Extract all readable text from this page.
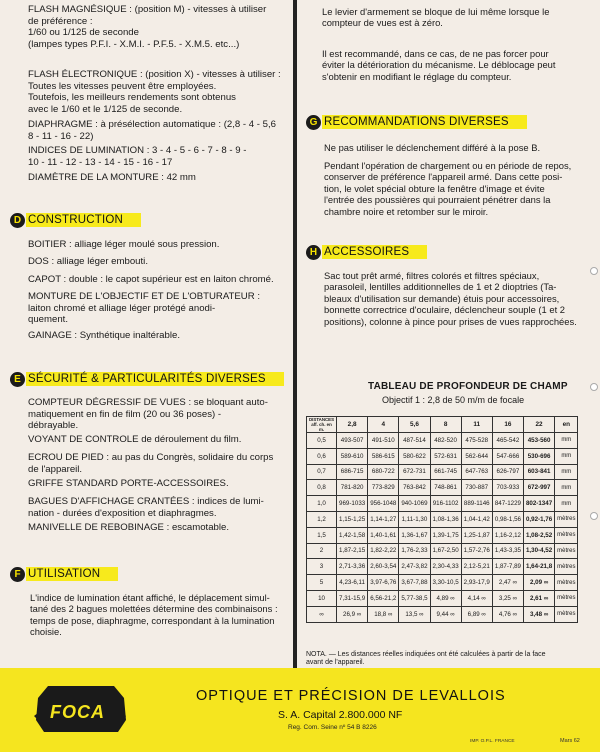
FLASH MAGNÉSIQUE : (position M) - vitesses à utiliser
de préférence :
1/60 ou 1/125 de seconde
(lampes types P.F.I. - X.M.I. - P.F.5. - X.M.5. etc...)
FLASH ÉLECTRONIQUE : (position X) - vitesses à utiliser :
Toutes les vitesses peuvent être employées.
Toutefois, les meilleurs rendements sont obtenus
avec le 1/60 et le 1/125 de seconde.
DIAPHRAGME : à présélection automatique : (2,8 - 4 - 5,6
8 - 11 - 16 - 22)
INDICES DE LUMINATION : 3 - 4 - 5 - 6 - 7 - 8 - 9 -
10 - 11 - 12 - 13 - 14 - 15 - 16 - 17
DIAMÈTRE DE LA MONTURE : 42 mm
D CONSTRUCTION
BOITIER : alliage léger moulé sous pression.
DOS : alliage léger embouti.
CAPOT : double : le capot supérieur est en laiton chromé.
MONTURE DE L'OBJECTIF ET DE L'OBTURATEUR :
laiton chromé et alliage léger protégé anodi-
quement.
GAINAGE : Synthétique inaltérable.
E SÉCURITÉ & PARTICULARITÉS DIVERSES
COMPTEUR DÉGRESSIF DE VUES : se bloquant auto-
matiquement en fin de film (20 ou 36 poses) -
débrayable.
VOYANT DE CONTROLE de déroulement du film.
ECROU DE PIED : au pas du Congrès, solidaire du corps
de l'appareil.
GRIFFE STANDARD PORTE-ACCESSOIRES.
BAGUES D'AFFICHAGE CRANTÉES : indices de lumi-
nation - durées d'exposition et diaphragmes.
MANIVELLE DE REBOBINAGE : escamotable.
F UTILISATION
L'indice de lumination étant affiché, le déplacement simul-
tané des 2 bagues molettées détermine des combinaisons :
temps de pose, diaphragme, correspondant à la lumination
choisie.
Le levier d'armement se bloque de lui même lorsque le
compteur de vues est à zéro.
Il est recommandé, dans ce cas, de ne pas forcer pour
éviter la détérioration du mécanisme. Le déblocage peut
s'obtenir en modifiant le réglage du compteur.
G RECOMMANDATIONS DIVERSES
Ne pas utiliser le déclenchement différé à la pose B.
Pendant l'opération de chargement ou en période de repos,
conserver de préférence l'appareil armé. Dans cette posi-
tion, le volet spécial obture la fenêtre d'image et évite
l'entrée des poussières qui pourraient pénétrer dans la
chambre noire et retomber sur le miroir.
H ACCESSOIRES
Sac tout prêt armé, filtres colorés et filtres spéciaux,
parasoleil, lentilles additionnelles de 1 et 2 dioptries (Ta-
bleaux d'utilisation sur demande) étuis pour accessoires,
bonnette correctrice d'oculaire, déclencheur souple (1 et 2
positions), colonne à pince pour prises de vues rapprochées.
TABLEAU DE PROFONDEUR DE CHAMP
Objectif 1 : 2,8 de 50 m/m de focale
NOTA. — Les distances réelles indiquées ont été calculées à partir de la face
avant de l'appareil.
DISTANCES
aff. ch. en m.	2,8	4	5,6	8	11	16	22	en
0,5	493-507	491-510	487-514	482-520	475-528	465-542	453-560	mm
0,6	589-610	586-615	580-622	572-631	562-644	547-666	530-696	mm
0,7	686-715	680-722	672-731	661-745	647-763	626-797	603-841	mm
0,8	781-820	773-829	763-842	748-861	730-887	703-933	672-997	mm
1,0	969-1033	956-1048	940-1069	916-1102	889-1146	847-1229	802-1347	mm
1,2	1,15-1,25	1,14-1,27	1,11-1,30	1,08-1,36	1,04-1,42	0,98-1,56	0,92-1,76	mètres
1,5	1,42-1,58	1,40-1,61	1,36-1,67	1,39-1,75	1,25-1,87	1,16-2,12	1,08-2,52	mètres
2	1,87-2,15	1,82-2,22	1,76-2,33	1,67-2,50	1,57-2,76	1,43-3,35	1,30-4,52	mètres
3	2,71-3,36	2,60-3,54	2,47-3,82	2,30-4,33	2,12-5,21	1,87-7,89	1,64-21,8	mètres
5	4,23-6,11	3,97-6,76	3,67-7,88	3,30-10,5	2,93-17,9	2,47 ∞	2,09 ∞	mètres
10	7,31-15,9	6,56-21,2	5,77-38,5	4,89 ∞	4,14 ∞	3,25 ∞	2,61 ∞	mètres
∞	26,9 ∞	18,8 ∞	13,5 ∞	9,44 ∞	6,89 ∞	4,76 ∞	3,48 ∞	mètres
FOCA
OPTIQUE ET PRÉCISION DE LEVALLOIS
S. A. Capital 2.800.000 NF
Reg. Com. Seine nº 54 B 8226
IMP. O.P.L. FRANCE	Mars 62
